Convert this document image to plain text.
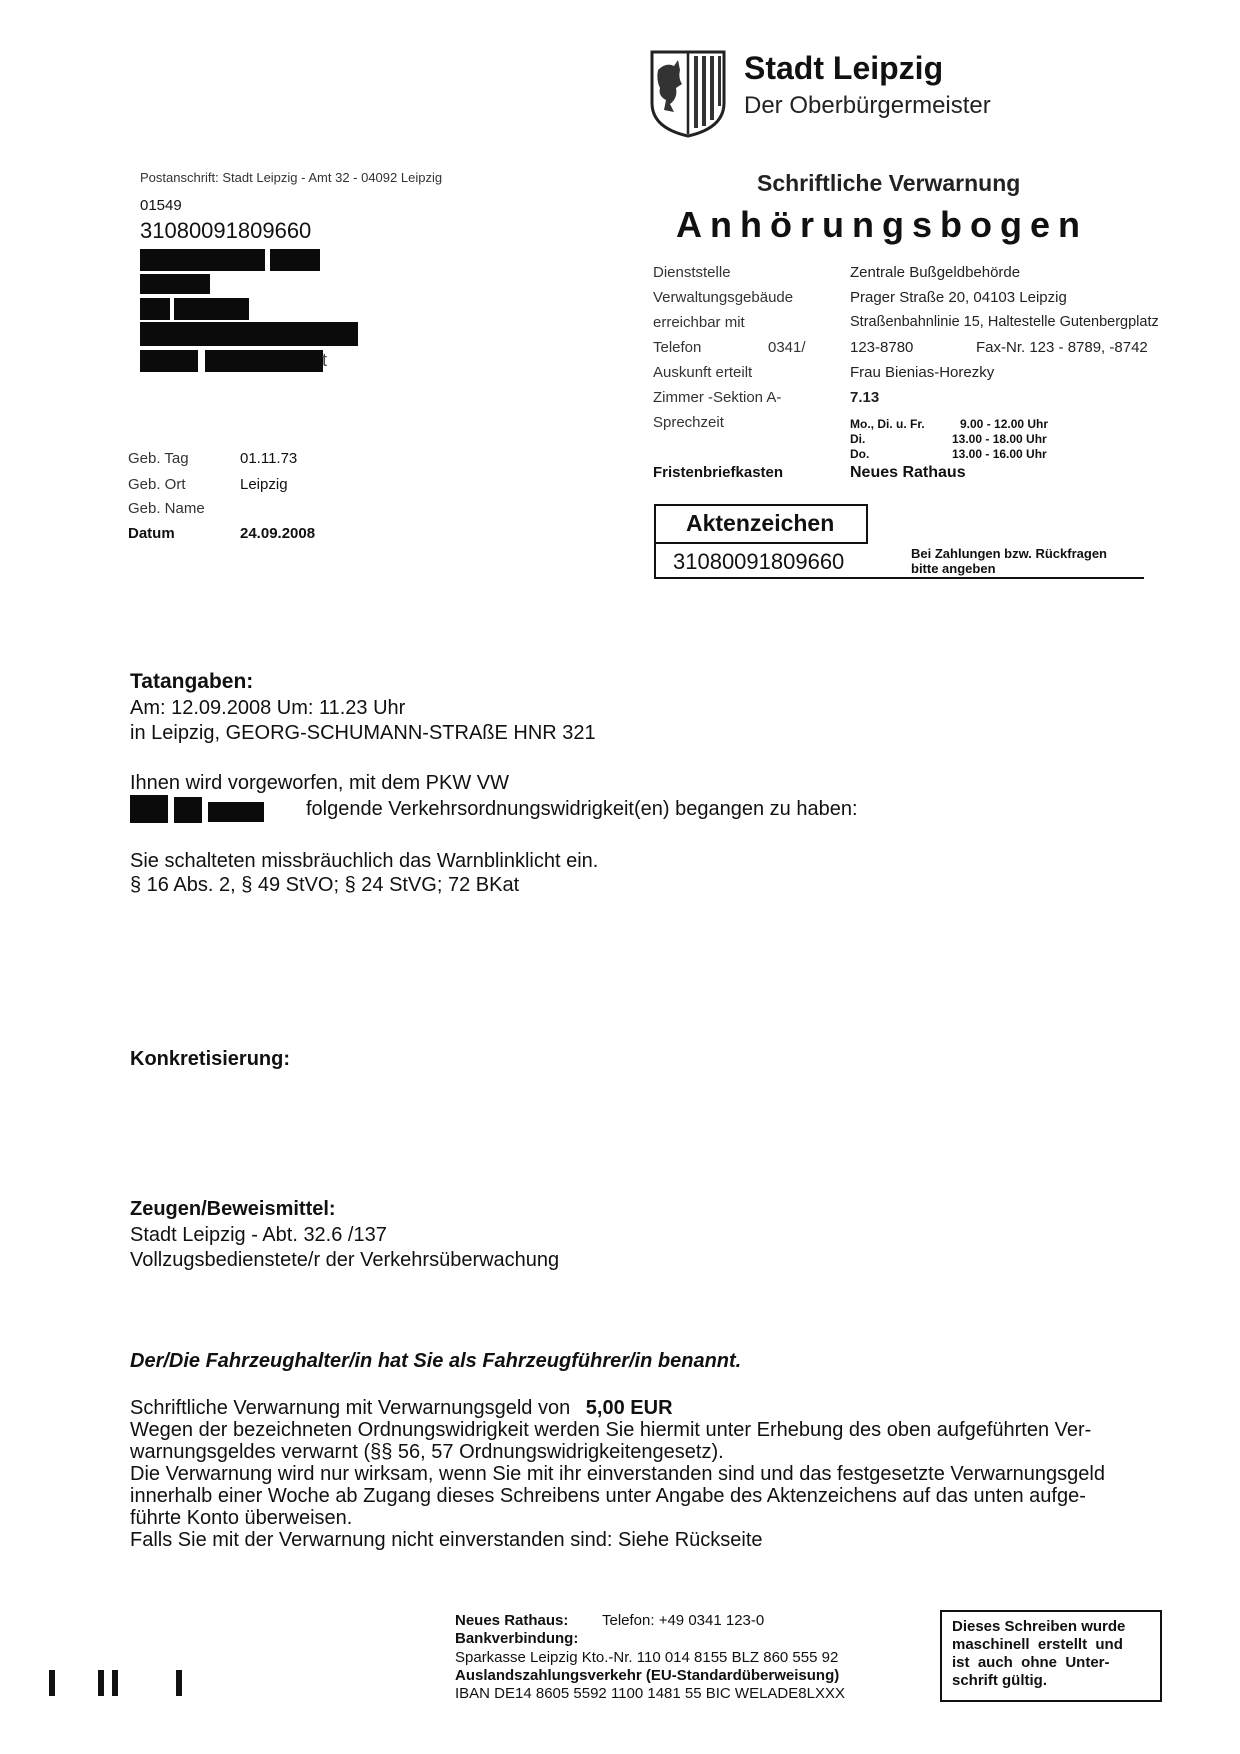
Stadt Leipzig
Der Oberbürgermeister
Postanschrift: Stadt Leipzig - Amt 32 - 04092 Leipzig
01549
31080091809660
t
Geb. Tag	01.11.73
Geb. Ort	Leipzig
Geb. Name
Datum	24.09.2008
Schriftliche Verwarnung
Anhörungsbogen
Dienststelle	Zentrale Bußgeldbehörde
Verwaltungsgebäude	Prager Straße 20, 04103 Leipzig
erreichbar mit	Straßenbahnlinie 15, Haltestelle Gutenbergplatz
Telefon	0341/	123-8780	Fax-Nr. 123 - 8789, -8742
Auskunft erteilt	Frau Bienias-Horezky
Zimmer -Sektion A-	7.13
Sprechzeit	Mo., Di. u. Fr.	9.00 - 12.00 Uhr
Di.	13.00 - 18.00 Uhr
Do.	13.00 - 16.00 Uhr
Fristenbriefkasten	Neues Rathaus
Aktenzeichen
31080091809660	Bei Zahlungen bzw. Rückfragen
bitte angeben
Tatangaben:
Am: 12.09.2008 Um: 11.23 Uhr
in Leipzig, GEORG-SCHUMANN-STRAßE HNR 321
Ihnen wird vorgeworfen, mit dem PKW VW
folgende Verkehrsordnungswidrigkeit(en) begangen zu haben:
Sie schalteten missbräuchlich das Warnblinklicht ein.
§ 16 Abs. 2, § 49 StVO; § 24 StVG; 72 BKat
Konkretisierung:
Zeugen/Beweismittel:
Stadt Leipzig - Abt. 32.6 /137
Vollzugsbedienstete/r der Verkehrsüberwachung
Der/Die Fahrzeughalter/in hat Sie als Fahrzeugführer/in benannt.
Schriftliche Verwarnung mit Verwarnungsgeld von 5,00 EUR
Wegen der bezeichneten Ordnungswidrigkeit werden Sie hiermit unter Erhebung des oben aufgeführten Ver-
warnungsgeldes verwarnt (§§ 56, 57 Ordnungswidrigkeitengesetz).
Die Verwarnung wird nur wirksam, wenn Sie mit ihr einverstanden sind und das festgesetzte Verwarnungsgeld
innerhalb einer Woche ab Zugang dieses Schreibens unter Angabe des Aktenzeichens auf das unten aufge-
führte Konto überweisen.
Falls Sie mit der Verwarnung nicht einverstanden sind: Siehe Rückseite
Neues Rathaus: Telefon: +49 0341 123-0
Bankverbindung:
Sparkasse Leipzig Kto.-Nr. 110 014 8155 BLZ 860 555 92
Auslandszahlungsverkehr (EU-Standardüberweisung)
IBAN DE14 8605 5592 1100 1481 55 BIC WELADE8LXXX
Dieses Schreiben wurde
maschinell  erstellt  und
ist  auch  ohne  Unter-
schrift gültig.
